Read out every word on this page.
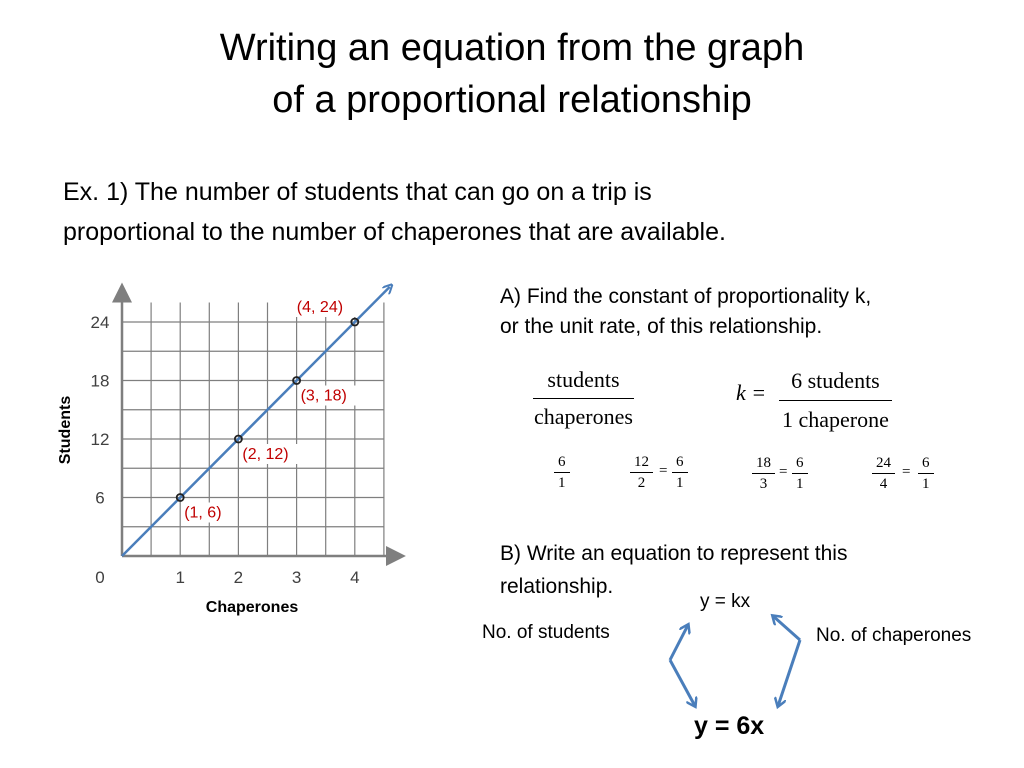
Writing an equation from the graph
of a proportional relationship
Ex. 1) The number of students that can go on a trip is
proportional to the number of chaperones that are available.
0	1	2	3	4
6
12
18
24
(1, 6)
(2, 12)
(3, 18)
(4, 24)
Chaperones
Students
A) Find the constant of proportionality k,
or the unit rate, of this relationship.
students
chaperones
k =	6 students
1 chaperone
$\frac{6}{1}$	$\frac{12}{2} = \frac{6}{1}$	$\frac{18}{3} = \frac{6}{1}$	$\frac{24}{4} = \frac{6}{1}$
B) Write an equation to represent this
relationship.
y = kx
No. of students	No. of chaperones
y = 6x
